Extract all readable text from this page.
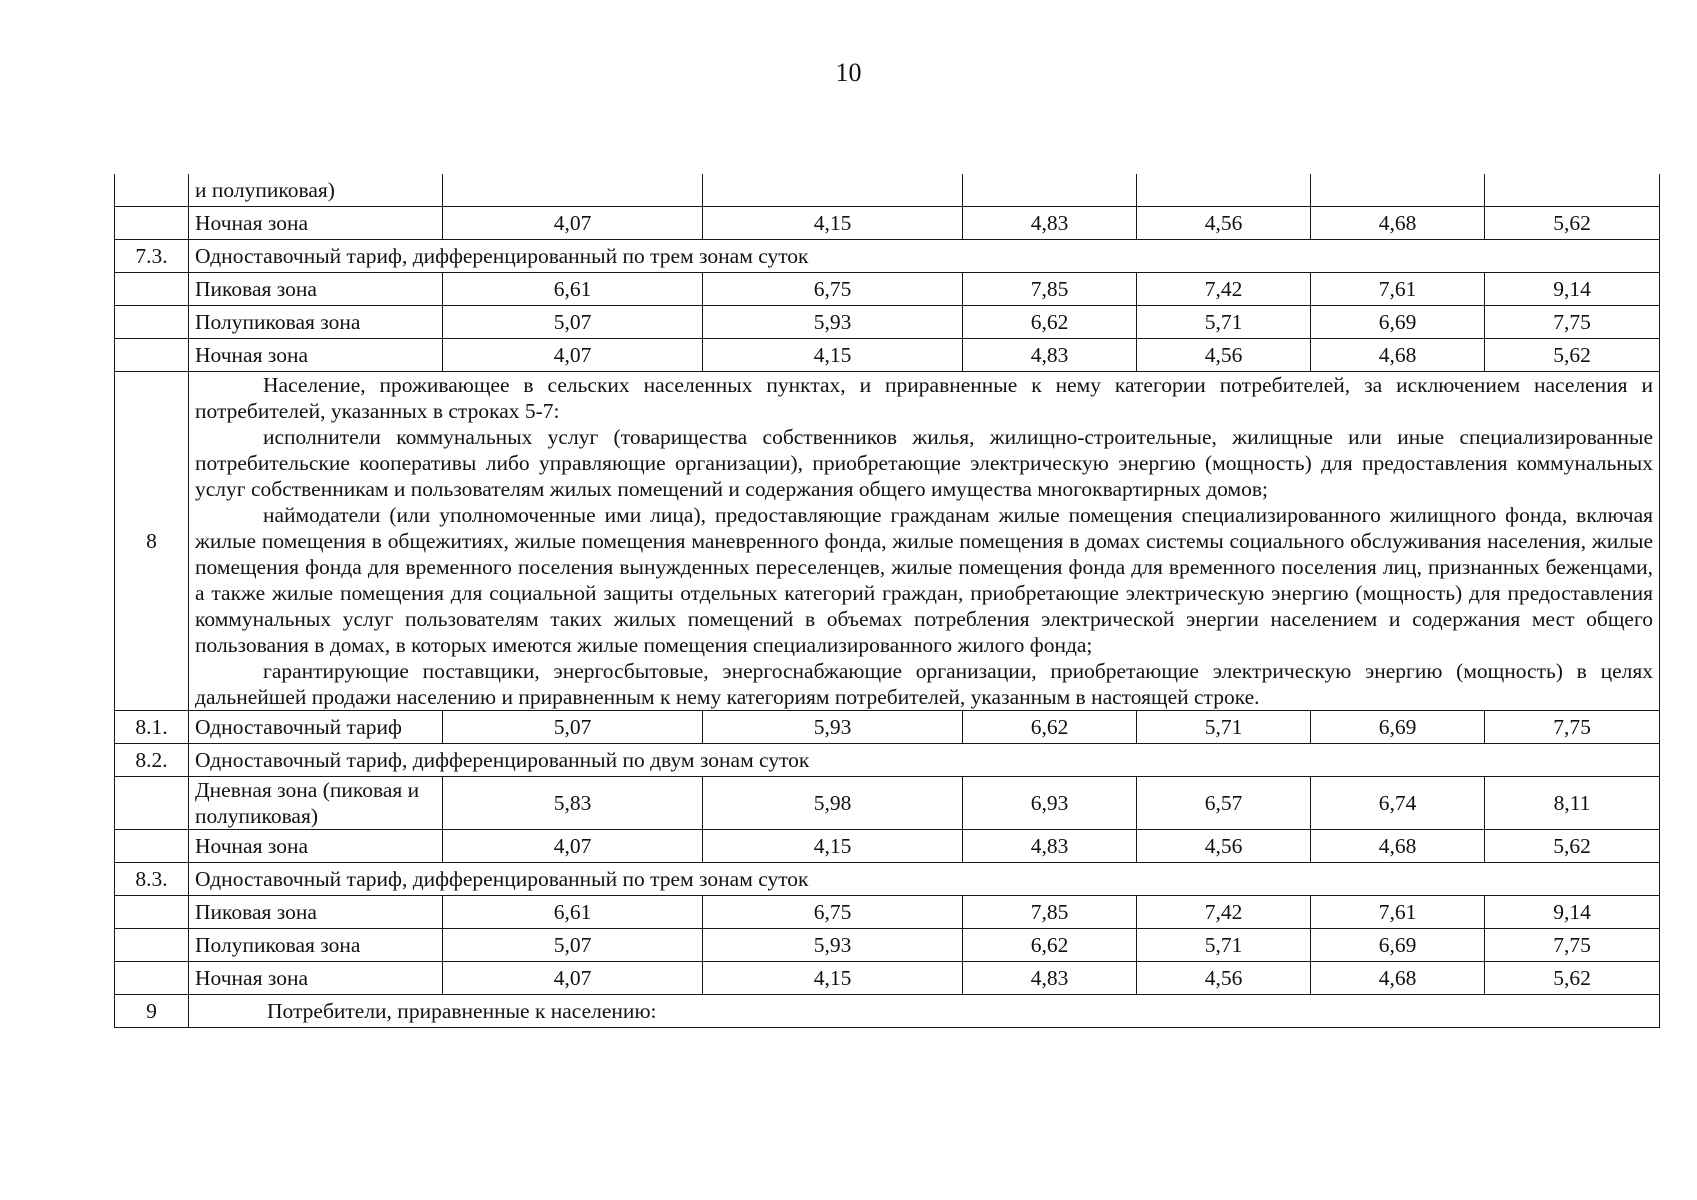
10
	и полупиковая)						
	Ночная зона	4,07	4,15	4,83	4,56	4,68	5,62
7.3.	Одноставочный тариф, дифференцированный по трем зонам суток						
	Пиковая зона	6,61	6,75	7,85	7,42	7,61	9,14
	Полупиковая зона	5,07	5,93	6,62	5,71	6,69	7,75
	Ночная зона	4,07	4,15	4,83	4,56	4,68	5,62
8	Население, проживающее в сельских населенных пунктах, и приравненные к нему категории потребителей, за исключением населения и потребителей, указанных в строках 5-7:

исполнители коммунальных услуг (товарищества собственников жилья, жилищно-строительные, жилищные или иные специализированные потребительские кооперативы либо управляющие организации), приобретающие электрическую энергию (мощность) для предоставления коммунальных услуг собственникам и пользователям жилых помещений и содержания общего имущества многоквартирных домов;

наймодатели (или уполномоченные ими лица), предоставляющие гражданам жилые помещения специализированного жилищного фонда, включая жилые помещения в общежитиях, жилые помещения маневренного фонда, жилые помещения в домах системы социального обслуживания населения, жилые помещения фонда для временного поселения вынужденных переселенцев, жилые помещения фонда для временного поселения лиц, признанных беженцами, а также жилые помещения для социальной защиты отдельных категорий граждан, приобретающие электрическую энергию (мощность) для предоставления коммунальных услуг пользователям таких жилых помещений в объемах потребления электрической энергии населением и содержания мест общего пользования в домах, в которых имеются жилые помещения специализированного жилого фонда;

гарантирующие поставщики, энергосбытовые, энергоснабжающие организации, приобретающие электрическую энергию (мощность) в целях дальнейшей продажи населению и приравненным к нему категориям потребителей, указанным в настоящей строке.						

8.1.	Одноставочный тариф	5,07	5,93	6,62	5,71	6,69	7,75
8.2.	Одноставочный тариф, дифференцированный по двум зонам суток						
	Дневная зона (пиковая и полупиковая)	5,83	5,98	6,93	6,57	6,74	8,11
	Ночная зона	4,07	4,15	4,83	4,56	4,68	5,62
8.3.	Одноставочный тариф, дифференцированный по трем зонам суток						
	Пиковая зона	6,61	6,75	7,85	7,42	7,61	9,14
	Полупиковая зона	5,07	5,93	6,62	5,71	6,69	7,75
	Ночная зона	4,07	4,15	4,83	4,56	4,68	5,62
9	Потребители, приравненные к населению:						
